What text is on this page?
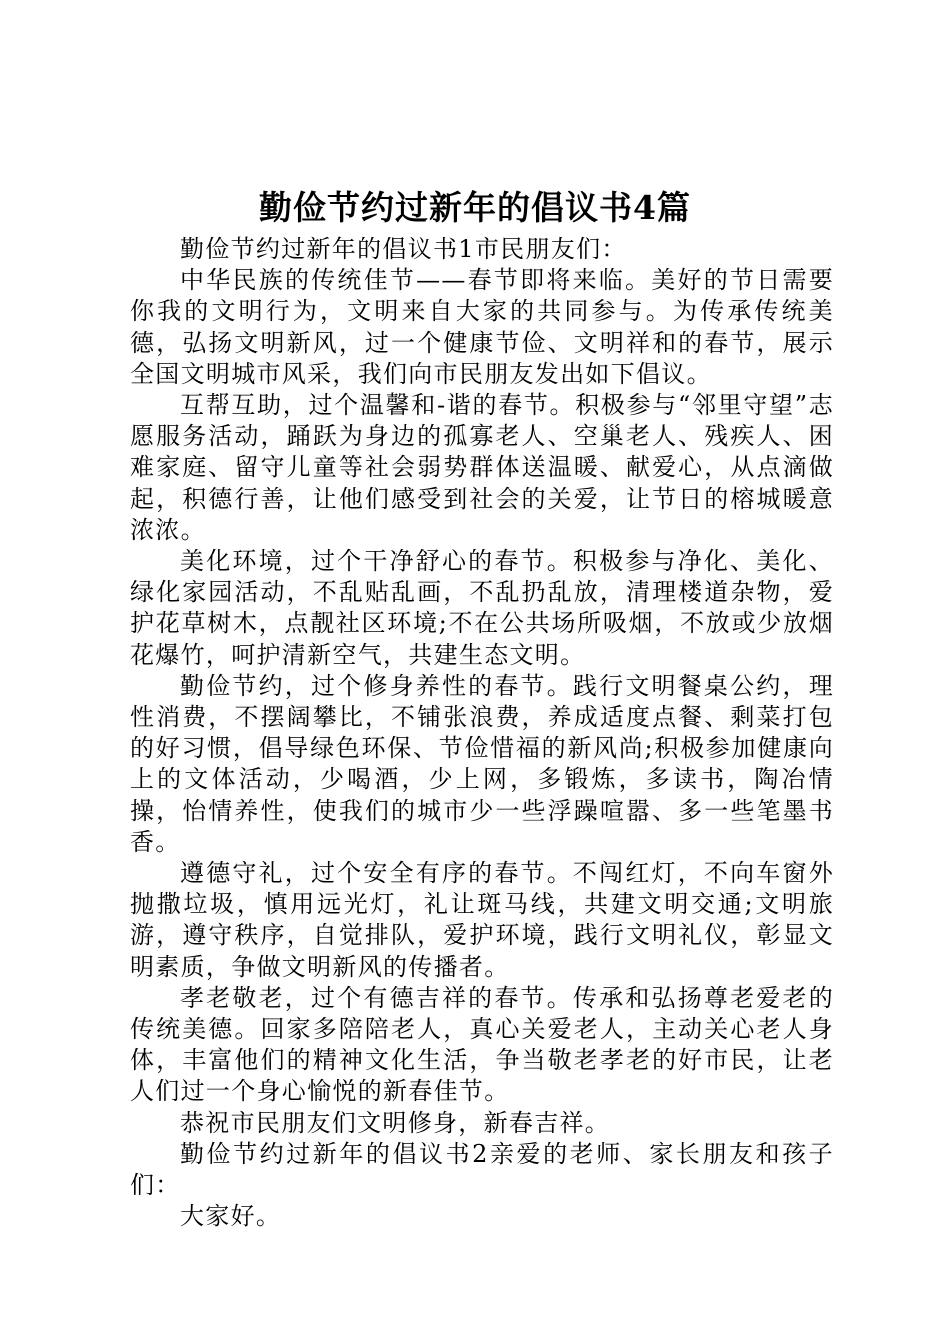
勤俭节约过新年的倡议书4篇

勤俭节约过新年的倡议书1市民朋友们：

中华民族的传统佳节——春节即将来临。美好的节日需要你我的文明行为，文明来自大家的共同参与。为传承传统美德，弘扬文明新风，过一个健康节俭、文明祥和的春节，展示全国文明城市风采，我们向市民朋友发出如下倡议。

互帮互助，过个温馨和-谐的春节。积极参与“邻里守望”志愿服务活动，踊跃为身边的孤寡老人、空巢老人、残疾人、困难家庭、留守儿童等社会弱势群体送温暖、献爱心，从点滴做起，积德行善，让他们感受到社会的关爱，让节日的榕城暖意浓浓。

美化环境，过个干净舒心的春节。积极参与净化、美化、绿化家园活动，不乱贴乱画，不乱扔乱放，清理楼道杂物，爱护花草树木，点靓社区环境;不在公共场所吸烟，不放或少放烟花爆竹，呵护清新空气，共建生态文明。

勤俭节约，过个修身养性的春节。践行文明餐桌公约，理性消费，不摆阔攀比，不铺张浪费，养成适度点餐、剩菜打包的好习惯，倡导绿色环保、节俭惜福的新风尚;积极参加健康向上的文体活动，少喝酒，少上网，多锻炼，多读书，陶冶情操，怡情养性，使我们的城市少一些浮躁喧嚣、多一些笔墨书香。

遵德守礼，过个安全有序的春节。不闯红灯，不向车窗外抛撒垃圾，慎用远光灯，礼让斑马线，共建文明交通;文明旅游，遵守秩序，自觉排队，爱护环境，践行文明礼仪，彰显文明素质，争做文明新风的传播者。

孝老敬老，过个有德吉祥的春节。传承和弘扬尊老爱老的传统美德。回家多陪陪老人，真心关爱老人，主动关心老人身体，丰富他们的精神文化生活，争当敬老孝老的好市民，让老人们过一个身心愉悦的新春佳节。

恭祝市民朋友们文明修身，新春吉祥。

勤俭节约过新年的倡议书2亲爱的老师、家长朋友和孩子们：

大家好。
